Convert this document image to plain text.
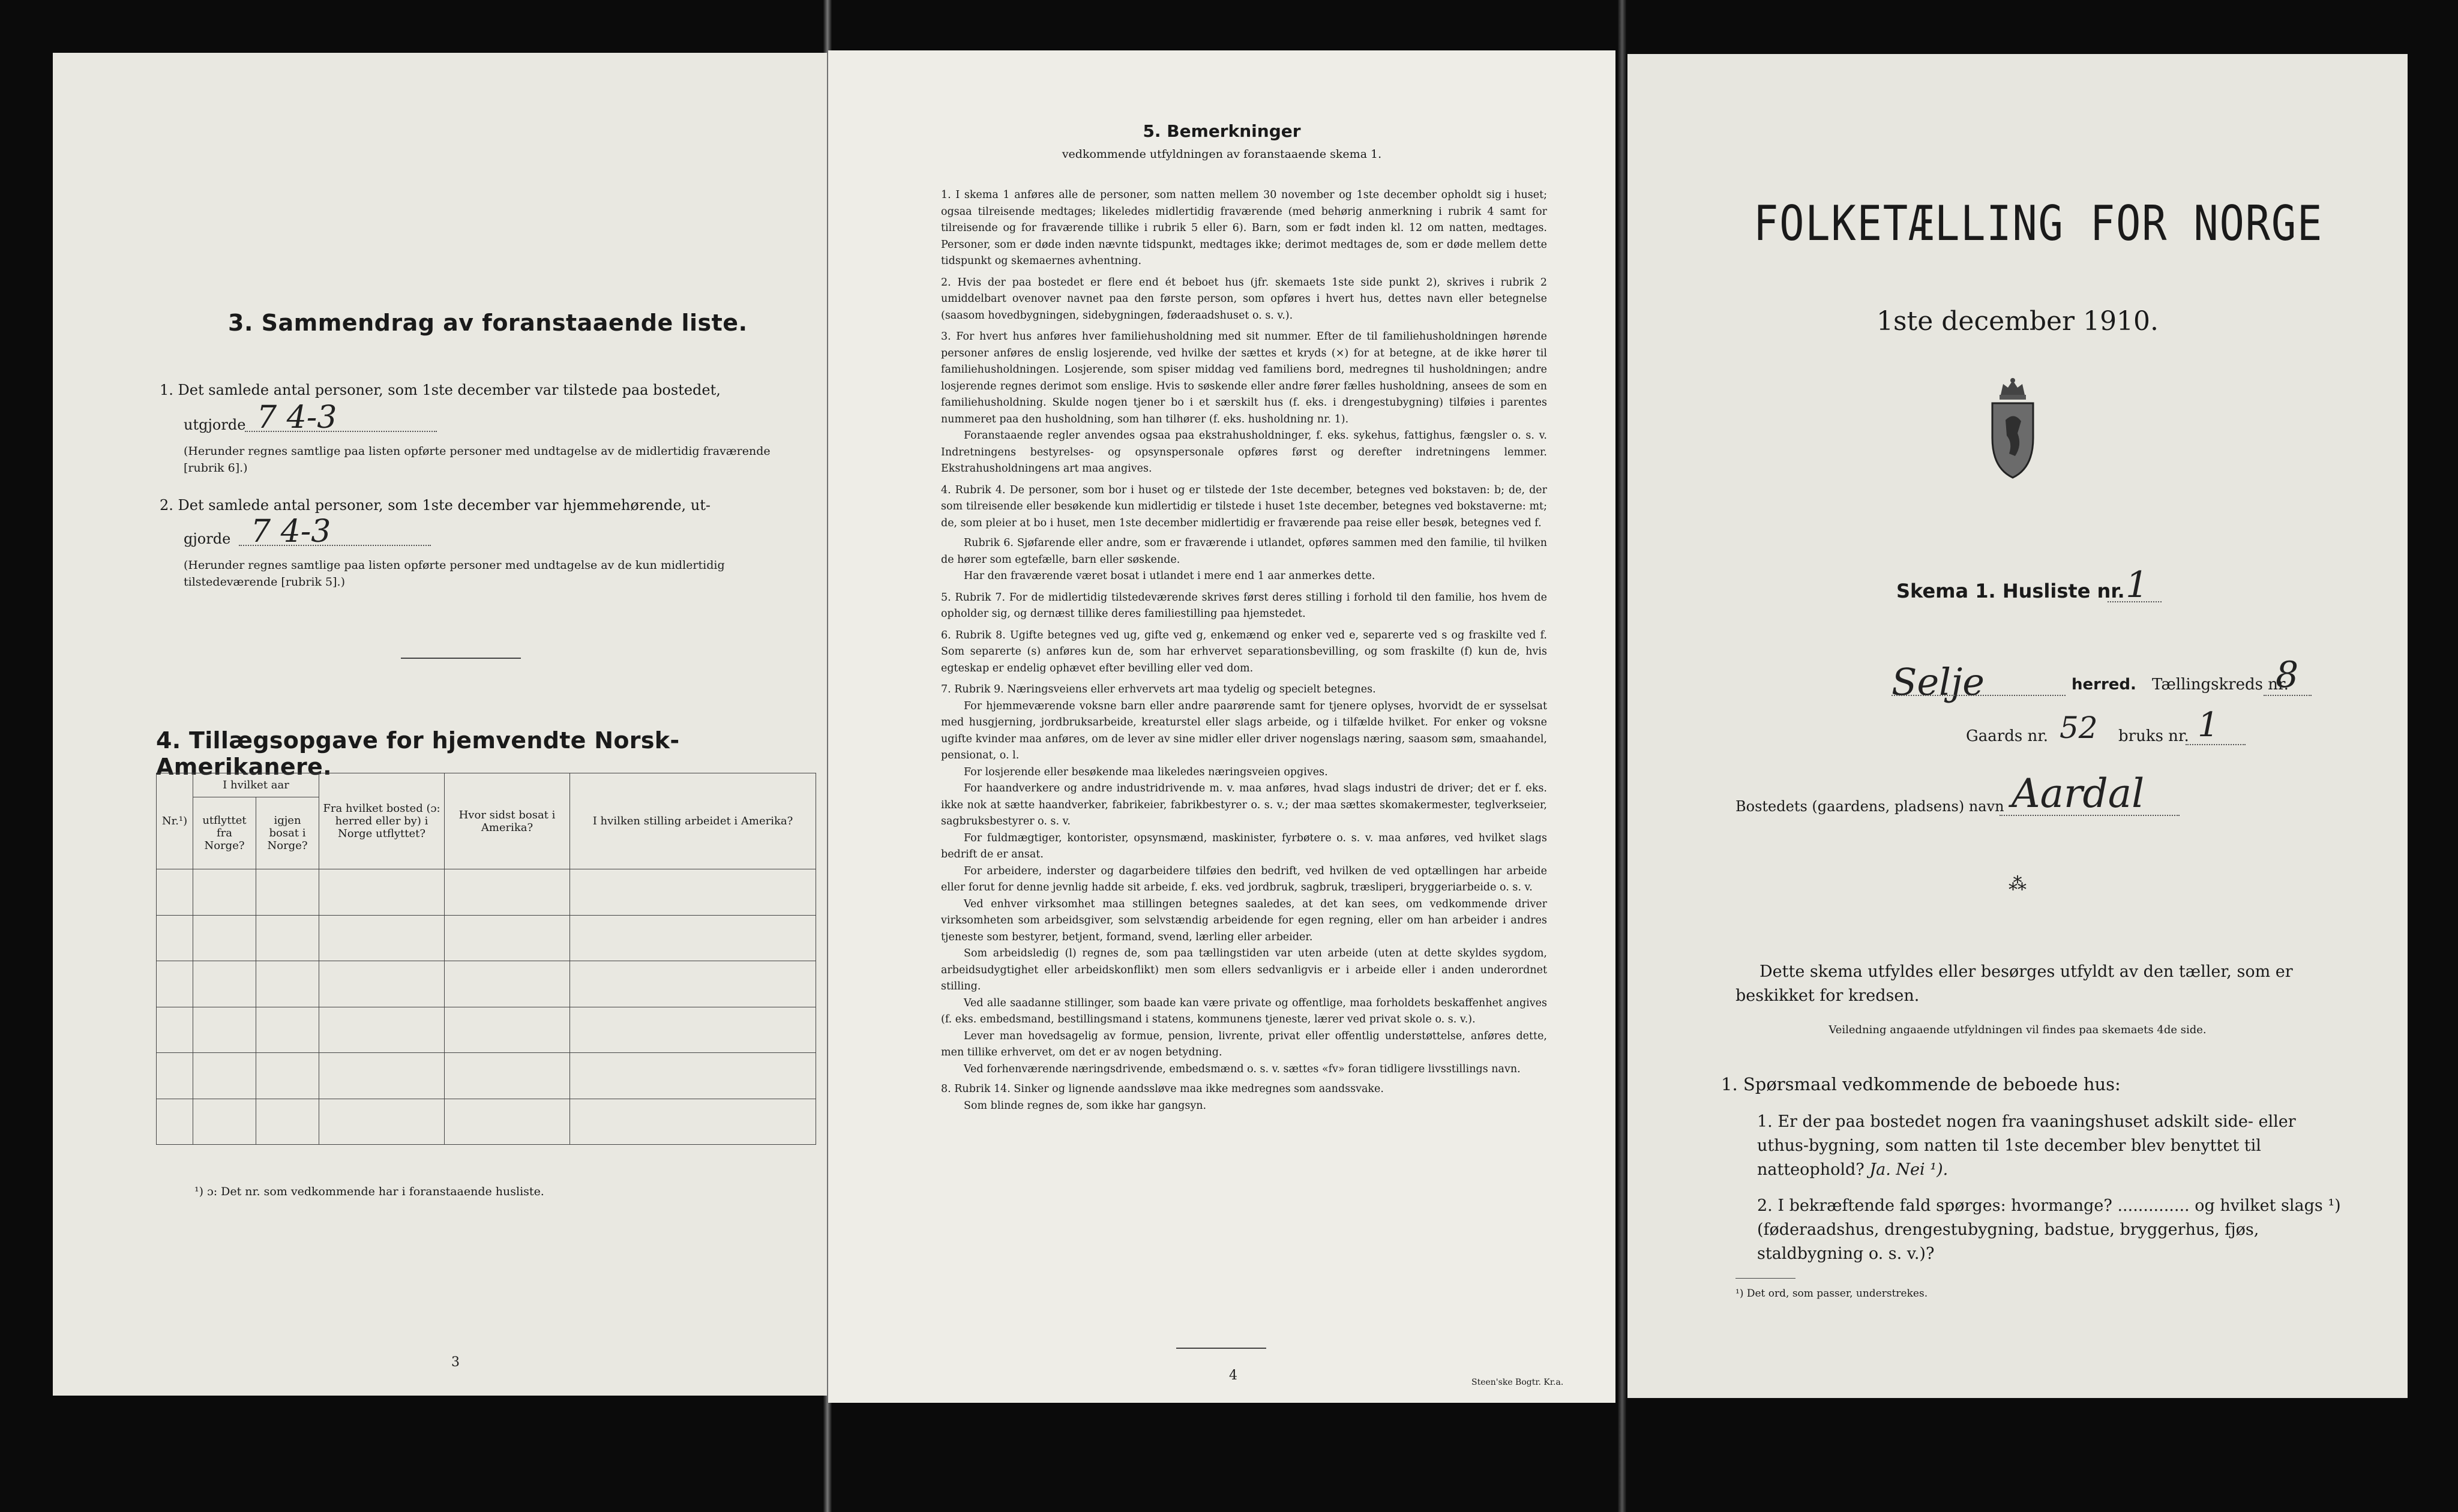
3. Sammendrag av foranstaaende liste.
1. Det samlede antal personer, som 1ste december var tilstede paa bostedet,
utgjorde 7 4-3
(Herunder regnes samtlige paa listen opførte personer med undtagelse av de midlertidig fraværende [rubrik 6].)
2. Det samlede antal personer, som 1ste december var hjemmehørende, ut-
gjorde 7 4-3
(Herunder regnes samtlige paa listen opførte personer med undtagelse av de kun midlertidig tilstedeværende [rubrik 5].)
4. Tillægsopgave for hjemvendte Norsk-Amerikanere.
Nr.¹)	I hvilket aar		Fra hvilket bosted (ɔ: herred eller by) i Norge utflyttet?	Hvor sidst bosat i Amerika?	I hvilken stilling arbeidet i Amerika?
	utflyttet fra Norge?	igjen bosat i Norge?			

¹) ɔ: Det nr. som vedkommende har i foranstaaende husliste.
3
5. Bemerkninger
vedkommende utfyldningen av foranstaaende skema 1.

1. I skema 1 anføres alle de personer, som natten mellem 30 november og 1ste december opholdt sig i huset; ogsaa tilreisende medtages; likeledes midlertidig fraværende (med behørig anmerkning i rubrik 4 samt for tilreisende og for fraværende tillike i rubrik 5 eller 6). Barn, som er født inden kl. 12 om natten, medtages. Personer, som er døde inden nævnte tidspunkt, medtages ikke; derimot medtages de, som er døde mellem dette tidspunkt og skemaernes avhentning.

2. Hvis der paa bostedet er flere end ét beboet hus (jfr. skemaets 1ste side punkt 2), skrives i rubrik 2 umiddelbart ovenover navnet paa den første person, som opføres i hvert hus, dettes navn eller betegnelse (saasom hovedbygningen, sidebygningen, føderaadshuset o. s. v.).

3. For hvert hus anføres hver familiehusholdning med sit nummer. Efter de til familiehusholdningen hørende personer anføres de enslig losjerende, ved hvilke der sættes et kryds (×) for at betegne, at de ikke hører til familiehusholdningen. Losjerende, som spiser middag ved familiens bord, medregnes til husholdningen; andre losjerende regnes derimot som enslige. Hvis to søskende eller andre fører fælles husholdning, ansees de som en familiehusholdning. Skulde nogen tjener bo i et særskilt hus (f. eks. i drengestubygning) tilføies i parentes nummeret paa den husholdning, som han tilhører (f. eks. husholdning nr. 1).

Foranstaaende regler anvendes ogsaa paa ekstrahusholdninger, f. eks. sykehus, fattighus, fængsler o. s. v. Indretningens bestyrelses- og opsynspersonale opføres først og derefter indretningens lemmer. Ekstrahusholdningens art maa angives.

4. Rubrik 4. De personer, som bor i huset og er tilstede der 1ste december, betegnes ved bokstaven: b; de, der som tilreisende eller besøkende kun midlertidig er tilstede i huset 1ste december, betegnes ved bokstaverne: mt; de, som pleier at bo i huset, men 1ste december midlertidig er fraværende paa reise eller besøk, betegnes ved f.

Rubrik 6. Sjøfarende eller andre, som er fraværende i utlandet, opføres sammen med den familie, til hvilken de hører som egtefælle, barn eller søskende.

Har den fraværende været bosat i utlandet i mere end 1 aar anmerkes dette.

5. Rubrik 7. For de midlertidig tilstedeværende skrives først deres stilling i forhold til den familie, hos hvem de opholder sig, og dernæst tillike deres familiestilling paa hjemstedet.

6. Rubrik 8. Ugifte betegnes ved ug, gifte ved g, enkemænd og enker ved e, separerte ved s og fraskilte ved f. Som separerte (s) anføres kun de, som har erhvervet separationsbevilling, og som fraskilte (f) kun de, hvis egteskap er endelig ophævet efter bevilling eller ved dom.

7. Rubrik 9. Næringsveiens eller erhvervets art maa tydelig og specielt betegnes.

For hjemmeværende voksne barn eller andre paarørende samt for tjenere oplyses, hvorvidt de er sysselsat med husgjerning, jordbruksarbeide, kreaturstel eller slags arbeide, og i tilfælde hvilket. For enker og voksne ugifte kvinder maa anføres, om de lever av sine midler eller driver nogenslags næring, saasom søm, smaahandel, pensionat, o. l.

For losjerende eller besøkende maa likeledes næringsveien opgives.

For haandverkere og andre industridrivende m. v. maa anføres, hvad slags industri de driver; det er f. eks. ikke nok at sætte haandverker, fabrikeier, fabrikbestyrer o. s. v.; der maa sættes skomakermester, teglverkseier, sagbruksbestyrer o. s. v.

For fuldmægtiger, kontorister, opsynsmænd, maskinister, fyrbøtere o. s. v. maa anføres, ved hvilket slags bedrift de er ansat.

For arbeidere, inderster og dagarbeidere tilføies den bedrift, ved hvilken de ved optællingen har arbeide eller forut for denne jevnlig hadde sit arbeide, f. eks. ved jordbruk, sagbruk, træsliperi, bryggeriarbeide o. s. v.

Ved enhver virksomhet maa stillingen betegnes saaledes, at det kan sees, om vedkommende driver virksomheten som arbeidsgiver, som selvstændig arbeidende for egen regning, eller om han arbeider i andres tjeneste som bestyrer, betjent, formand, svend, lærling eller arbeider.

Som arbeidsledig (l) regnes de, som paa tællingstiden var uten arbeide (uten at dette skyldes sygdom, arbeidsudygtighet eller arbeidskonflikt) men som ellers sedvanligvis er i arbeide eller i anden underordnet stilling.

Ved alle saadanne stillinger, som baade kan være private og offentlige, maa forholdets beskaffenhet angives (f. eks. embedsmand, bestillingsmand i statens, kommunens tjeneste, lærer ved privat skole o. s. v.).

Lever man hovedsagelig av formue, pension, livrente, privat eller offentlig understøttelse, anføres dette, men tillike erhvervet, om det er av nogen betydning.

Ved forhenværende næringsdrivende, embedsmænd o. s. v. sættes «fv» foran tidligere livsstillings navn.

8. Rubrik 14. Sinker og lignende aandssløve maa ikke medregnes som aandssvake.

Som blinde regnes de, som ikke har gangsyn.

4	Steen'ske Bogtr. Kr.a.
FOLKETÆLLING FOR NORGE
1ste december 1910.
Skema 1. Husliste nr. 1
Selje	herred. Tællingskreds nr.
8
Gaards nr. 52 bruks nr. 1
Bostedets (gaardens, pladsens) navn Aardal
⁂
Dette skema utfyldes eller besørges utfyldt av den tæller, som er beskikket for kredsen.
Veiledning angaaende utfyldningen vil findes paa skemaets 4de side.
1. Spørsmaal vedkommende de beboede hus:
1. Er der paa bostedet nogen fra vaaningshuset adskilt side- eller uthus-bygning, som natten til 1ste december blev benyttet til natteophold? Ja. Nei ¹).
2. I bekræftende fald spørges: hvormange? .............. og hvilket slags ¹) (føderaadshus, drengestubygning, badstue, bryggerhus, fjøs, staldbygning o. s. v.)?
¹) Det ord, som passer, understrekes.
